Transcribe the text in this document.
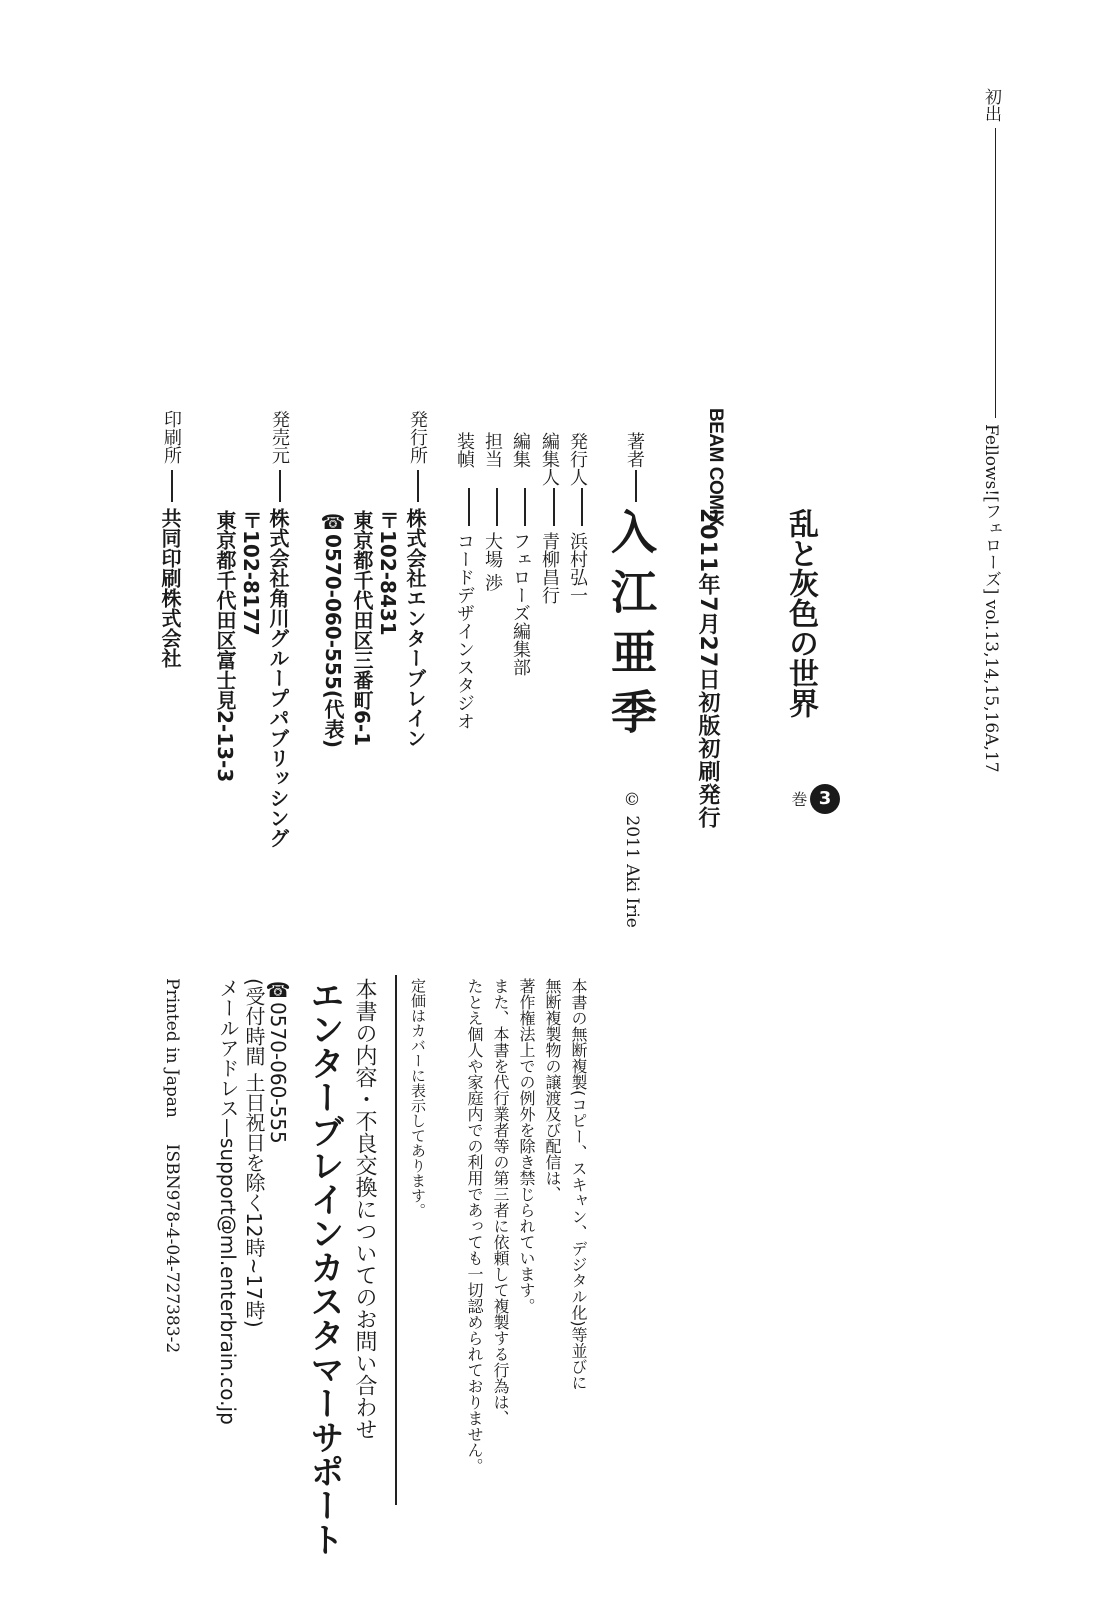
初出Fellows![フェローズ] vol.13,14,15,16A,17
BEAM COMIX
乱と灰色の世界
3
巻
2011年7月27日初版初刷発行
著者
入江亜季
© 2011 Aki Irie
発行人浜村弘一
編集人青柳昌行
編集フェローズ編集部
担当大場 渉
装幀コードデザインスタジオ
発行所
株式会社エンターブレイン
〒102-8431
東京都千代田区三番町6-1
☎0570-060-555(代表)
発売元
株式会社角川グループパブリッシング
〒102-8177
東京都千代田区富士見2-13-3
印刷所
共同印刷株式会社
本書の無断複製(コピー、スキャン、デジタル化)等並びに
無断複製物の譲渡及び配信は、
著作権法上での例外を除き禁じられています。
また、本書を代行業者等の第三者に依頼して複製する行為は、
たとえ個人や家庭内での利用であっても一切認められておりません。
定価はカバーに表示してあります。
本書の内容・不良交換についてのお問い合わせ
エンターブレインカスタマーサポート
☎0570-060-555
(受付時間 土日祝日を除く12時~17時)
メールアドレス—support@ml.enterbrain.co.jp
Printed in JapanISBN978-4-04-727383-2
